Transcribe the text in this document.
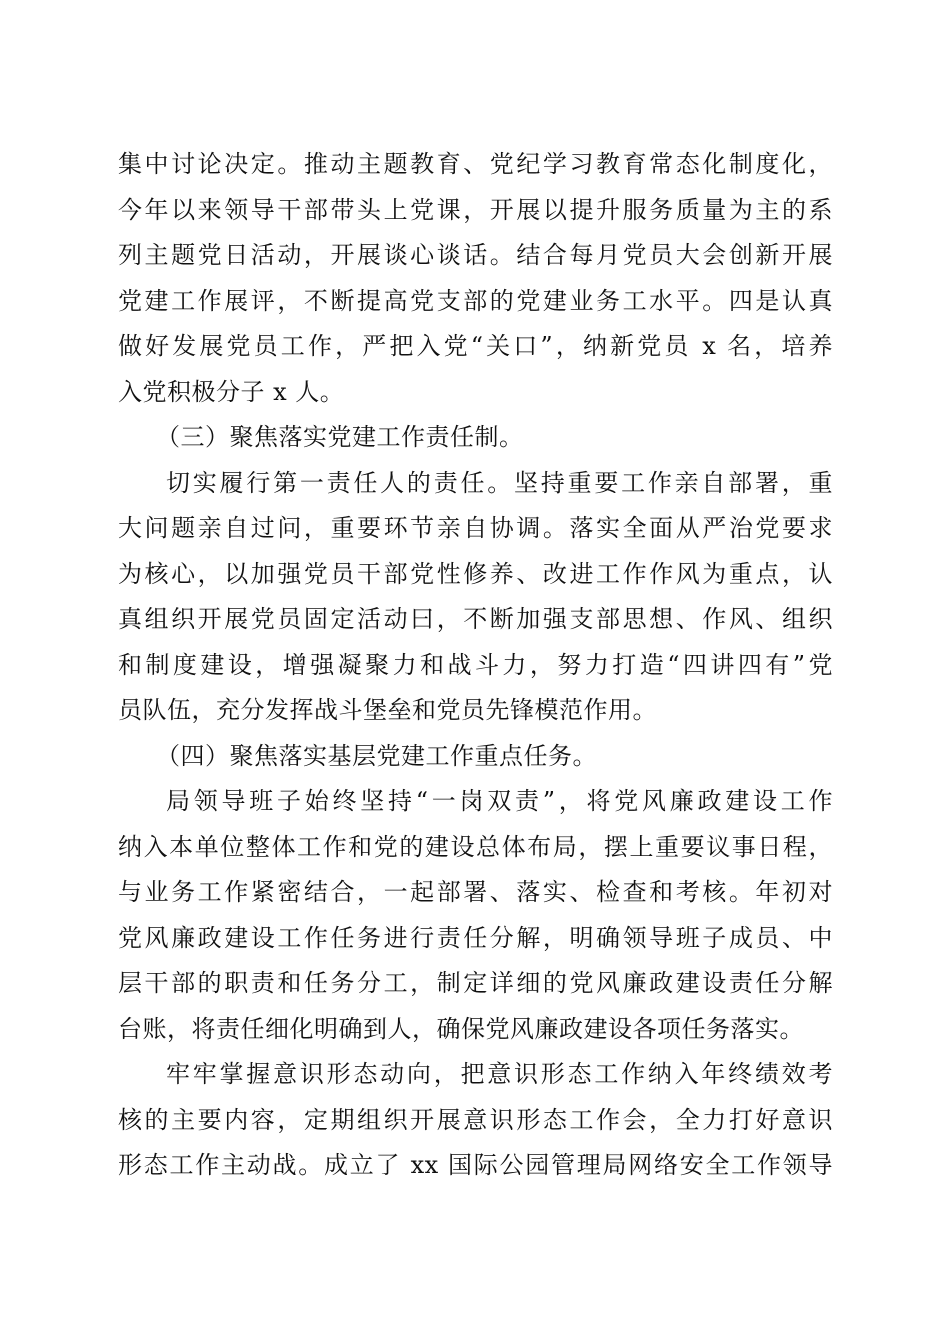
集中讨论决定。推动主题教育、党纪学习教育常态化制度化，
今年以来领导干部带头上党课，开展以提升服务质量为主的系
列主题党日活动，开展谈心谈话。结合每月党员大会创新开展
党建工作展评，不断提高党支部的党建业务工水平。四是认真
做好发展党员工作，严把入党“关口”，纳新党员 x 名，培养
入党积极分子 x 人。
（三）聚焦落实党建工作责任制。
切实履行第一责任人的责任。坚持重要工作亲自部署，重
大问题亲自过问，重要环节亲自协调。落实全面从严治党要求
为核心，以加强党员干部党性修养、改进工作作风为重点，认
真组织开展党员固定活动曰，不断加强支部思想、作风、组织
和制度建设，增强凝聚力和战斗力，努力打造“四讲四有”党
员队伍，充分发挥战斗堡垒和党员先锋模范作用。
（四）聚焦落实基层党建工作重点任务。
局领导班子始终坚持“一岗双责”，将党风廉政建设工作
纳入本单位整体工作和党的建设总体布局，摆上重要议事日程，
与业务工作紧密结合，一起部署、落实、检查和考核。年初对
党风廉政建设工作任务进行责任分解，明确领导班子成员、中
层干部的职责和任务分工，制定详细的党风廉政建设责任分解
台账，将责任细化明确到人，确保党风廉政建设各项任务落实。
牢牢掌握意识形态动向，把意识形态工作纳入年终绩效考
核的主要内容，定期组织开展意识形态工作会，全力打好意识
形态工作主动战。成立了 xx 国际公园管理局网络安全工作领导
